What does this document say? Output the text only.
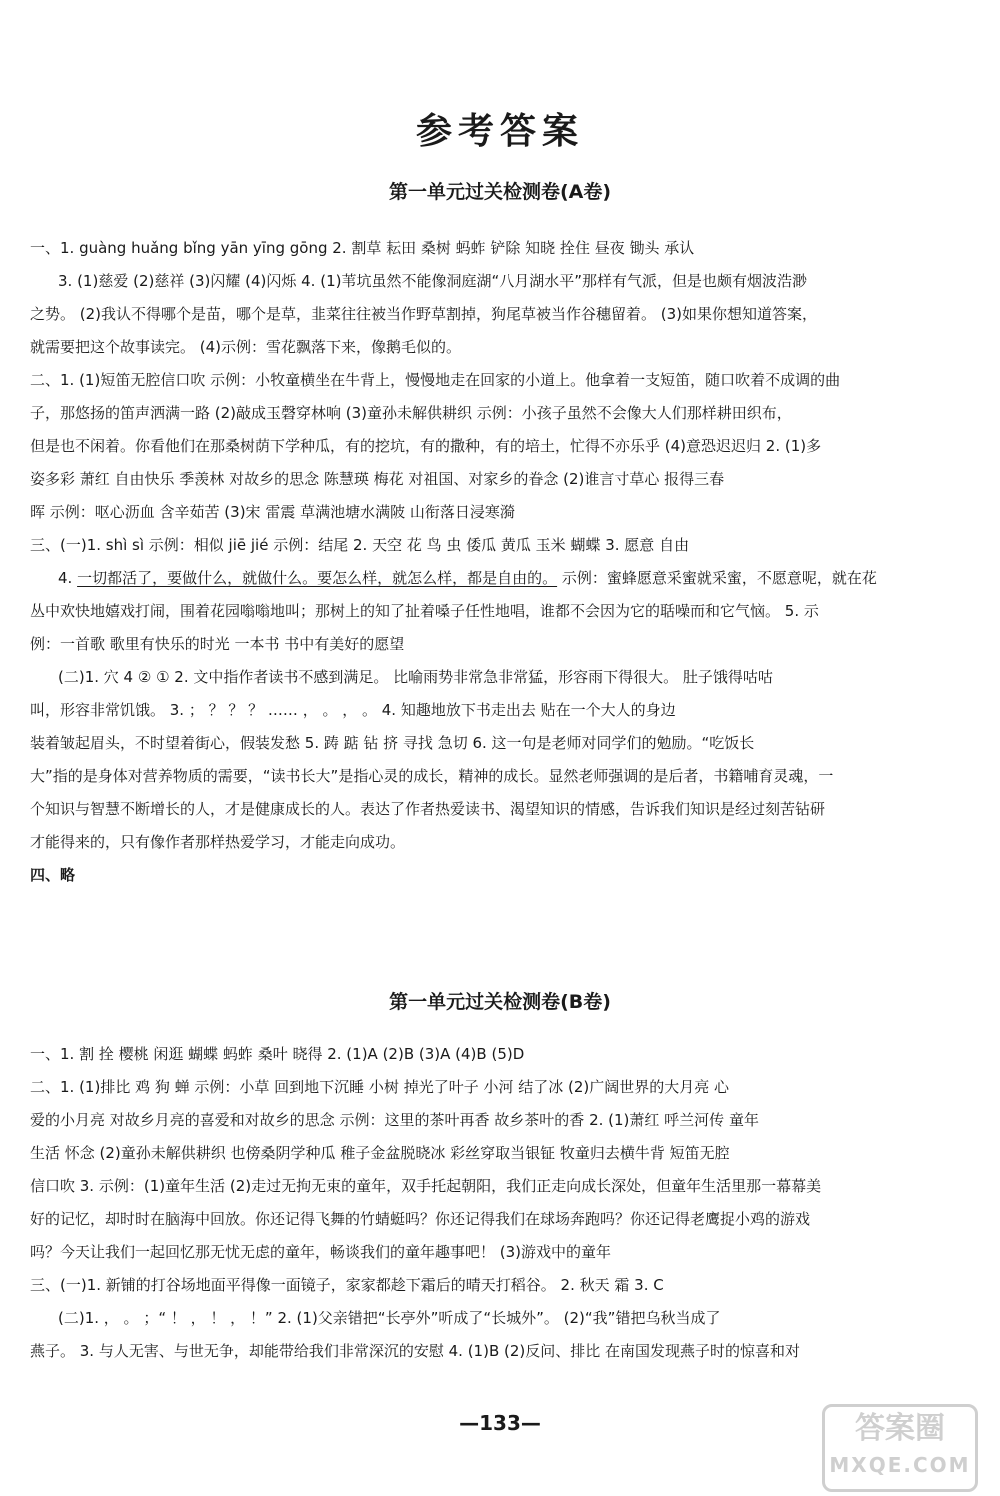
参考答案
第一单元过关检测卷(A卷)

一、1. guàng huǎng bǐng yān yīng gōng 2. 割草 耘田 桑树 蚂蚱 铲除 知晓 拴住 昼夜 锄头 承认

3. (1)慈爱 (2)慈祥 (3)闪耀 (4)闪烁 4. (1)苇坑虽然不能像洞庭湖“八月湖水平”那样有气派，但是也颇有烟波浩渺

之势。 (2)我认不得哪个是苗，哪个是草，韭菜往往被当作野草割掉，狗尾草被当作谷穗留着。 (3)如果你想知道答案，

就需要把这个故事读完。 (4)示例：雪花飘落下来，像鹅毛似的。

二、1. (1)短笛无腔信口吹 示例：小牧童横坐在牛背上，慢慢地走在回家的小道上。他拿着一支短笛，随口吹着不成调的曲

子，那悠扬的笛声洒满一路 (2)敲成玉磬穿林响 (3)童孙未解供耕织 示例：小孩子虽然不会像大人们那样耕田织布，

但是也不闲着。你看他们在那桑树荫下学种瓜，有的挖坑，有的撒种，有的培土，忙得不亦乐乎 (4)意恐迟迟归 2. (1)多

姿多彩 萧红 自由快乐 季羡林 对故乡的思念 陈慧瑛 梅花 对祖国、对家乡的眷念 (2)谁言寸草心 报得三春

晖 示例：呕心沥血 含辛茹苦 (3)宋 雷震 草满池塘水满陂 山衔落日浸寒漪

三、(一)1. shì sì 示例：相似 jiē jié 示例：结尾 2. 天空 花 鸟 虫 倭瓜 黄瓜 玉米 蝴蝶 3. 愿意 自由

4. 一切都活了，要做什么，就做什么。要怎么样，就怎么样，都是自由的。 示例：蜜蜂愿意采蜜就采蜜，不愿意呢，就在花

丛中欢快地嬉戏打闹，围着花园嗡嗡地叫；那树上的知了扯着嗓子任性地唱，谁都不会因为它的聒噪而和它气恼。 5. 示

例：一首歌 歌里有快乐的时光 一本书 书中有美好的愿望

(二)1. 穴 4 ② ① 2. 文中指作者读书不感到满足。 比喻雨势非常急非常猛，形容雨下得很大。 肚子饿得咕咕

叫，形容非常饥饿。 3. ； ？ ？ ？ …… ， 。 ， 。 4. 知趣地放下书走出去 贴在一个大人的身边

装着皱起眉头，不时望着街心，假装发愁 5. 踌 踮 钻 挤 寻找 急切 6. 这一句是老师对同学们的勉励。“吃饭长

大”指的是身体对营养物质的需要，“读书长大”是指心灵的成长，精神的成长。显然老师强调的是后者，书籍哺育灵魂，一

个知识与智慧不断增长的人，才是健康成长的人。表达了作者热爱读书、渴望知识的情感，告诉我们知识是经过刻苦钻研

才能得来的，只有像作者那样热爱学习，才能走向成功。

四、略

第一单元过关检测卷(B卷)

一、1. 割 拴 樱桃 闲逛 蝴蝶 蚂蚱 桑叶 晓得 2. (1)A (2)B (3)A (4)B (5)D

二、1. (1)排比 鸡 狗 蝉 示例：小草 回到地下沉睡 小树 掉光了叶子 小河 结了冰 (2)广阔世界的大月亮 心

爱的小月亮 对故乡月亮的喜爱和对故乡的思念 示例：这里的茶叶再香 故乡茶叶的香 2. (1)萧红 呼兰河传 童年

生活 怀念 (2)童孙未解供耕织 也傍桑阴学种瓜 稚子金盆脱晓冰 彩丝穿取当银钲 牧童归去横牛背 短笛无腔

信口吹 3. 示例：(1)童年生活 (2)走过无拘无束的童年，双手托起朝阳，我们正走向成长深处，但童年生活里那一幕幕美

好的记忆，却时时在脑海中回放。你还记得飞舞的竹蜻蜓吗？你还记得我们在球场奔跑吗？你还记得老鹰捉小鸡的游戏

吗？今天让我们一起回忆那无忧无虑的童年，畅谈我们的童年趣事吧！ (3)游戏中的童年

三、(一)1. 新铺的打谷场地面平得像一面镜子，家家都趁下霜后的晴天打稻谷。 2. 秋天 霜 3. C

(二)1. ， 。 ；“ ！ ， ！ ， ！” 2. (1)父亲错把“长亭外”听成了“长城外”。 (2)“我”错把乌秋当成了

燕子。 3. 与人无害、与世无争，却能带给我们非常深沉的安慰 4. (1)B (2)反问、排比 在南国发现燕子时的惊喜和对

—133—	答案圈
MXQE.COM
